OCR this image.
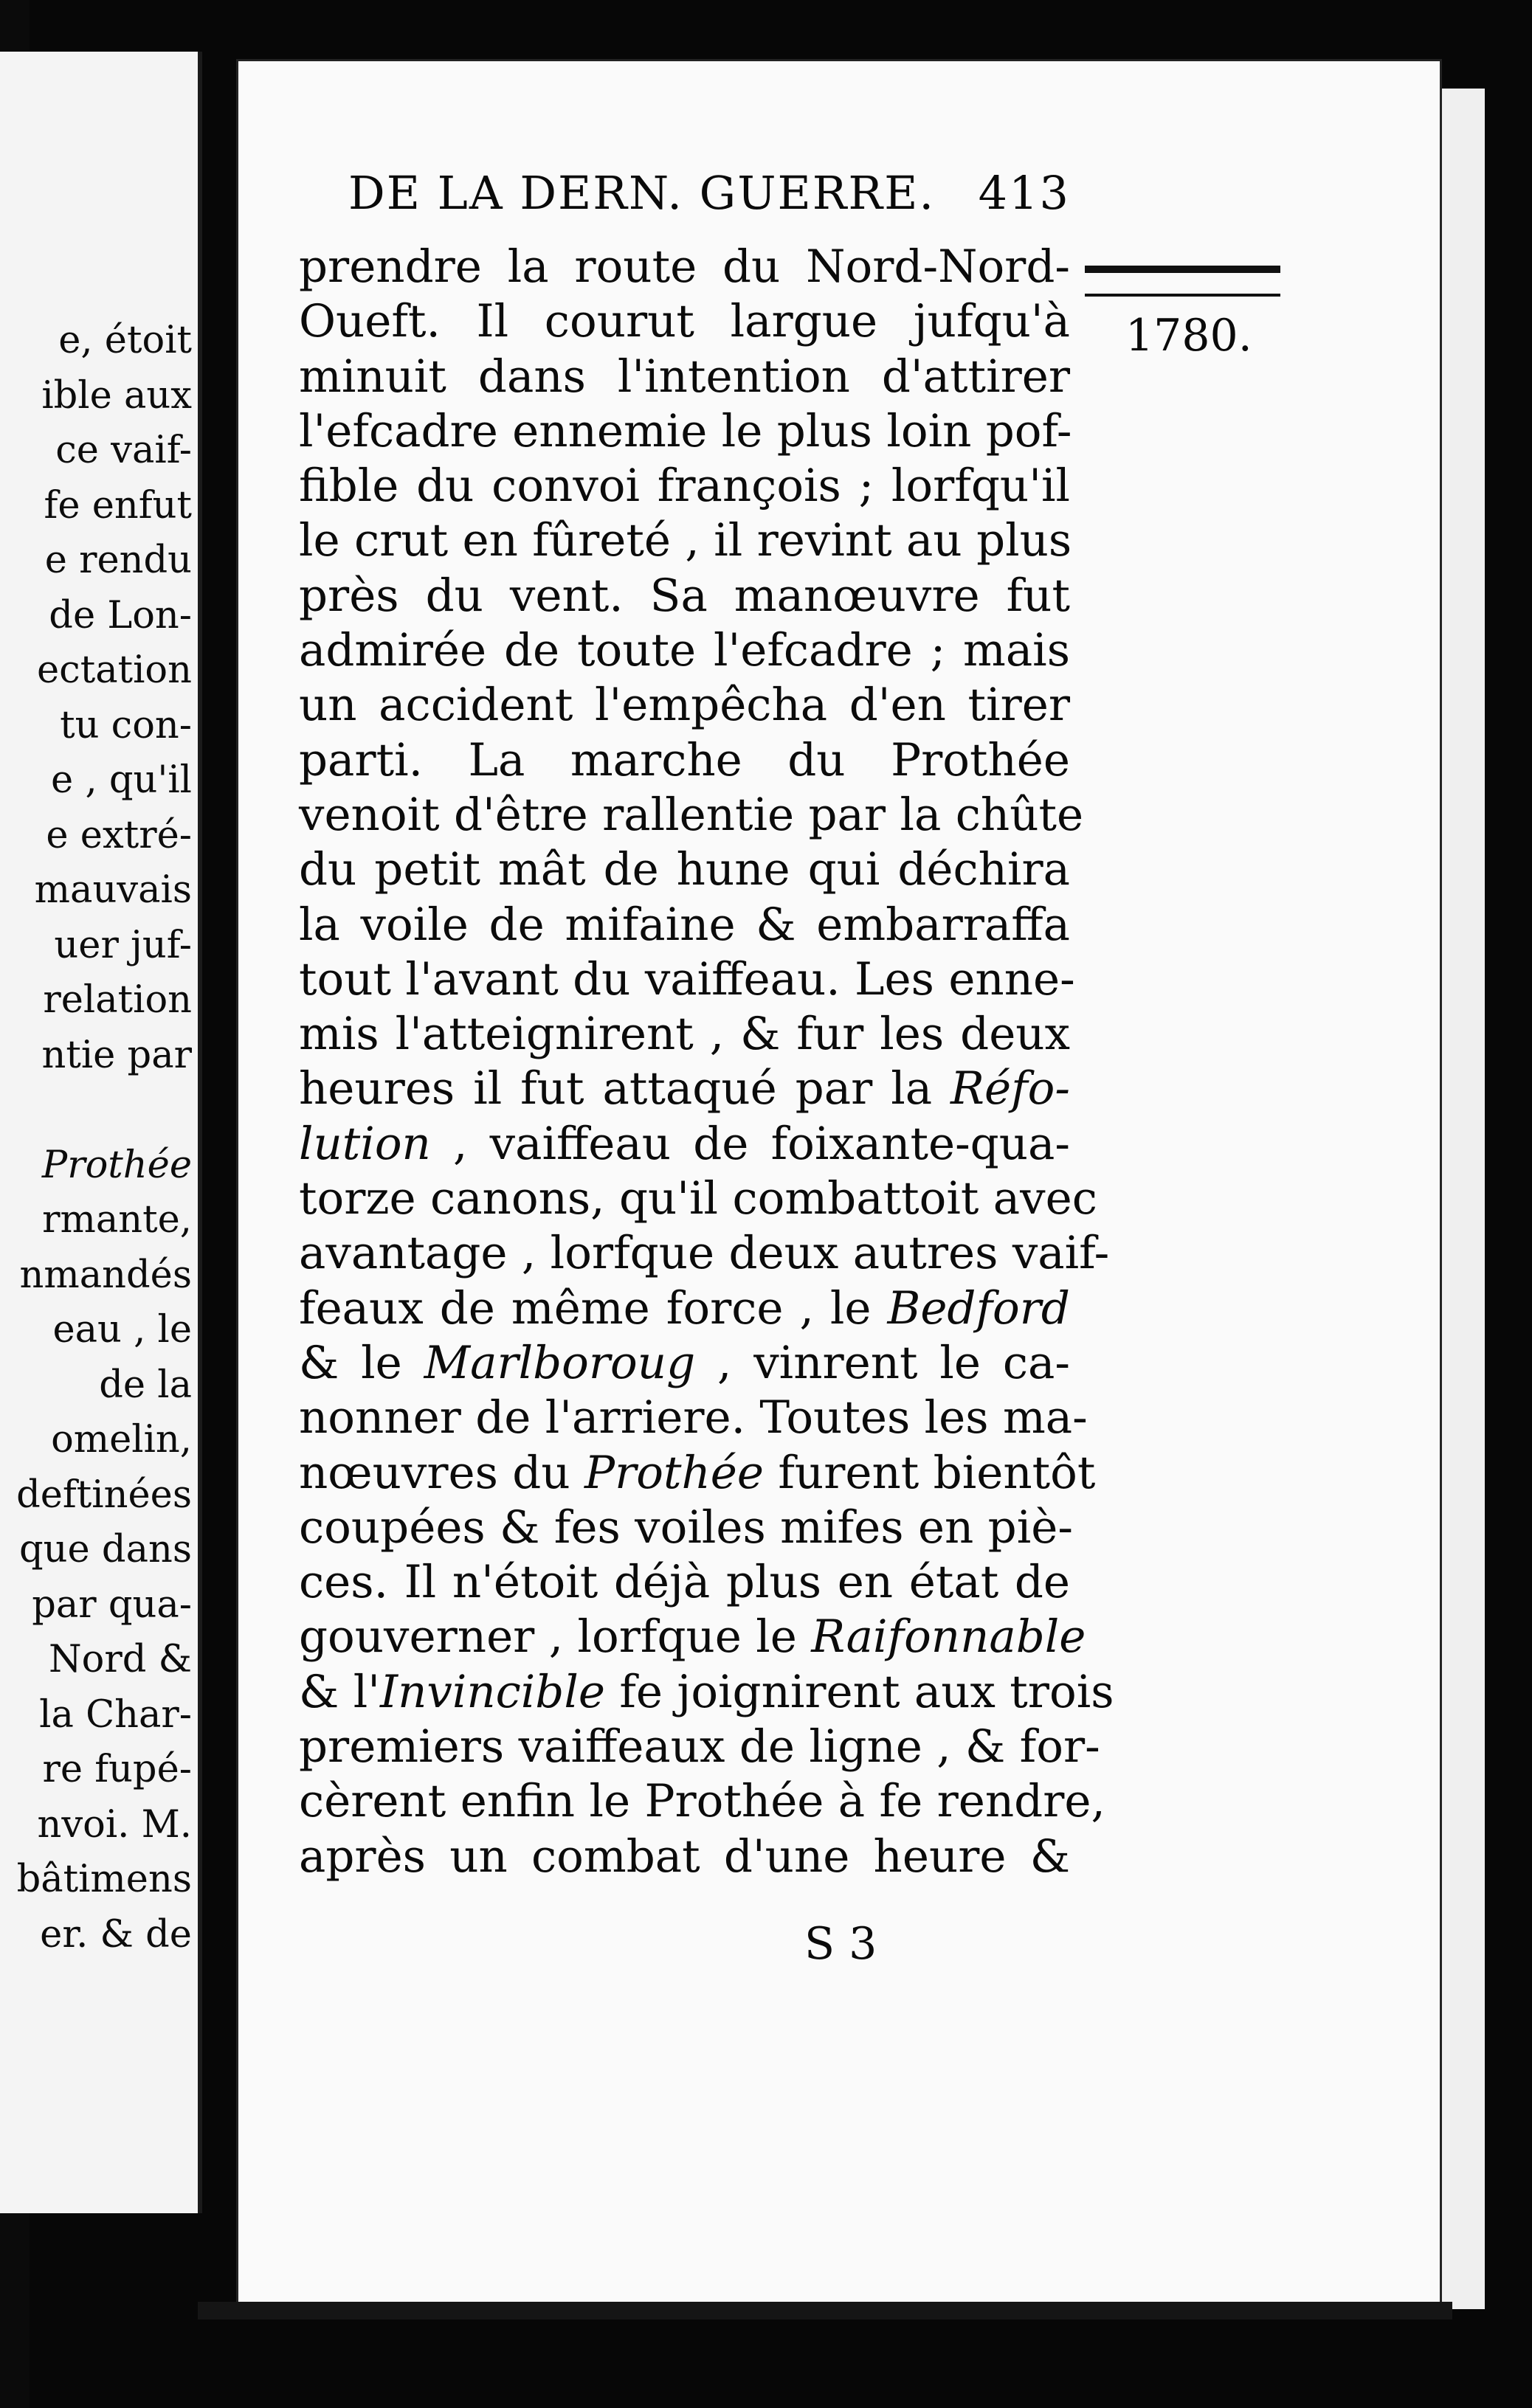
e, étoit
ible aux
ce vaif-
fe enfut
e rendu
de Lon-
ectation
tu con-
e , qu'il
e extré-
mauvais
uer juf-
relation
ntie par
Prothée
rmante,
nmandés
eau , le
de la
omelin,
deftinées
que dans
par qua-
Nord &
la Char-
re fupé-
nvoi. M.
bâtimens
er. & de
DE LA DERN. GUERRE. 413
1780.
prendre la route du Nord-Nord-
Oueft. Il courut largue jufqu'à
minuit dans l'intention d'attirer
l'efcadre ennemie le plus loin pof-
fible du convoi françois ; lorfqu'il
le crut en fûreté , il revint au plus
près du vent. Sa manœuvre fut
admirée de toute l'efcadre ; mais
un accident l'empêcha d'en tirer
parti. La marche du Prothée
venoit d'être rallentie par la chûte
du petit mât de hune qui déchira
la voile de mifaine & embarraffa
tout l'avant du vaiffeau. Les enne-
mis l'atteignirent , & fur les deux
heures il fut attaqué par la Réfo-
lution , vaiffeau de foixante-qua-
torze canons, qu'il combattoit avec
avantage , lorfque deux autres vaif-
feaux de même force , le Bedford
& le Marlboroug , vinrent le ca-
nonner de l'arriere. Toutes les ma-
nœuvres du Prothée furent bientôt
coupées & fes voiles mifes en piè-
ces. Il n'étoit déjà plus en état de
gouverner , lorfque le Raifonnable
& l'Invincible fe joignirent aux trois
premiers vaiffeaux de ligne , & for-
cèrent enfin le Prothée à fe rendre,
après un combat d'une heure &
S 3
